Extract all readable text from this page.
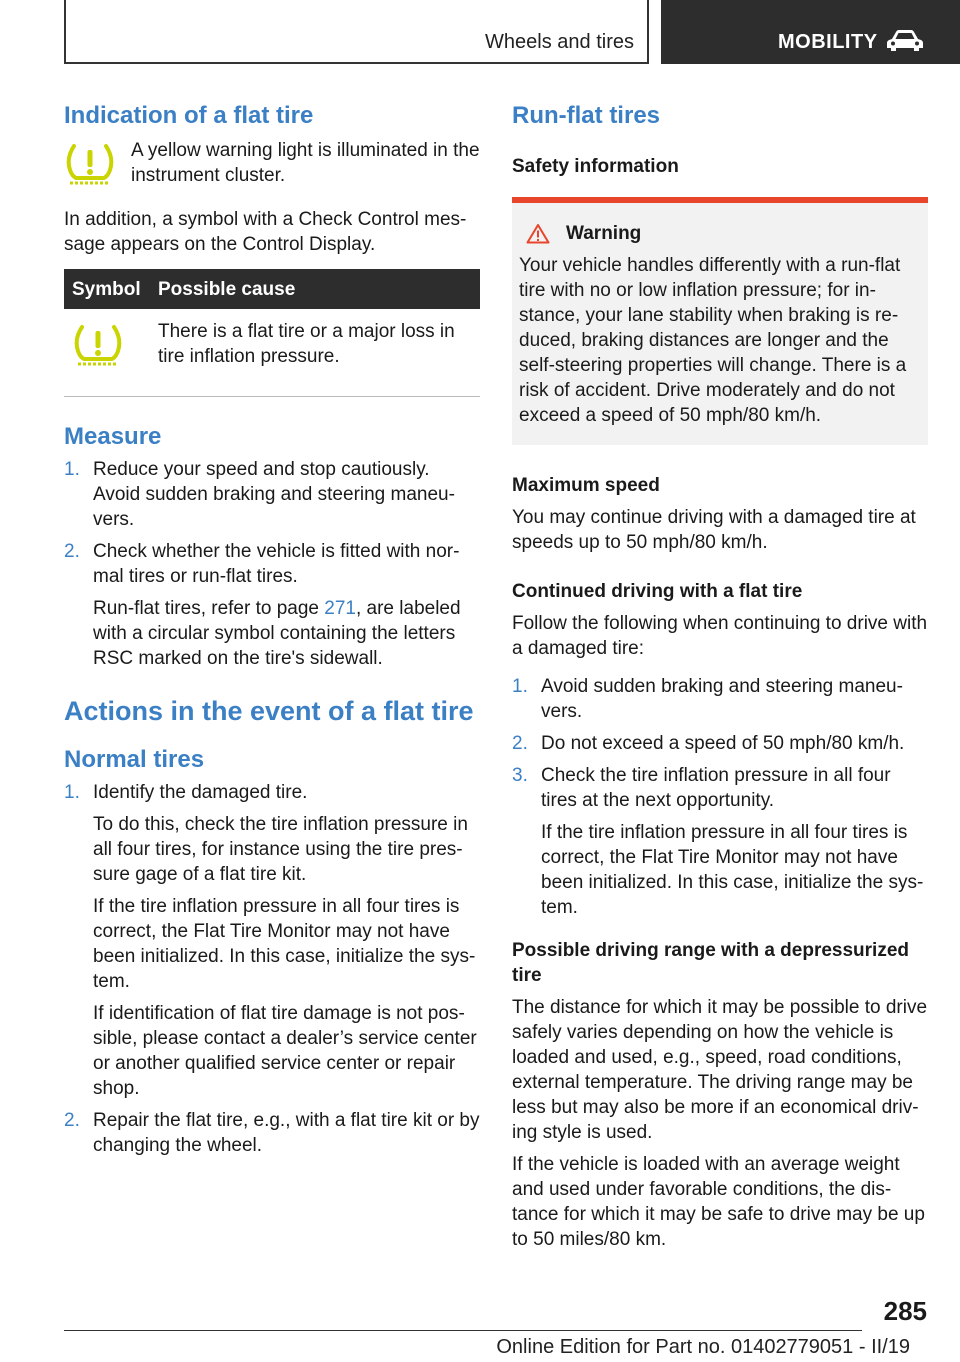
Wheels and tires	MOBILITY
Indication of a flat tire

A yellow warning light is illuminated in the instrument cluster.

In addition, a symbol with a Check Control message appears on the Control Display.

Symbol	Possible cause
	There is a flat tire or a major loss in tire inflation pressure.
Measure
1. Reduce your speed and stop cautiously. Avoid sudden braking and steering maneuvers.

2. Check whether the vehicle is fitted with normal tires or run-flat tires.

Run-flat tires, refer to page 271, are labeled with a circular symbol containing the letters RSC marked on the tire's sidewall.

Actions in the event of a flat tire
Normal tires
1. Identify the damaged tire.

To do this, check the tire inflation pressure in all four tires, for instance using the tire pressure gage of a flat tire kit.

If the tire inflation pressure in all four tires is correct, the Flat Tire Monitor may not have been initialized. In this case, initialize the system.

If identification of flat tire damage is not possible, please contact a dealer’s service center or another qualified service center or repair shop.

2. Repair the flat tire, e.g., with a flat tire kit or by changing the wheel.

Run-flat tires

Safety information

Warning

Your vehicle handles differently with a run-flat tire with no or low inflation pressure; for instance, your lane stability when braking is reduced, braking distances are longer and the self-steering properties will change. There is a risk of accident. Drive moderately and do not exceed a speed of 50 mph/80 km/h.

Maximum speed

You may continue driving with a damaged tire at speeds up to 50 mph/80 km/h.

Continued driving with a flat tire

Follow the following when continuing to drive with a damaged tire:

1. Avoid sudden braking and steering maneuvers.

2. Do not exceed a speed of 50 mph/80 km/h.

3. Check the tire inflation pressure in all four tires at the next opportunity.

If the tire inflation pressure in all four tires is correct, the Flat Tire Monitor may not have been initialized. In this case, initialize the system.

Possible driving range with a depressurized tire

The distance for which it may be possible to drive safely varies depending on how the vehicle is loaded and used, e.g., speed, road conditions, external temperature. The driving range may be less but may also be more if an economical driving style is used.

If the vehicle is loaded with an average weight and used under favorable conditions, the distance for which it may be safe to drive may be up to 50 miles/80 km.

285
Online Edition for Part no. 01402779051 - II/19
